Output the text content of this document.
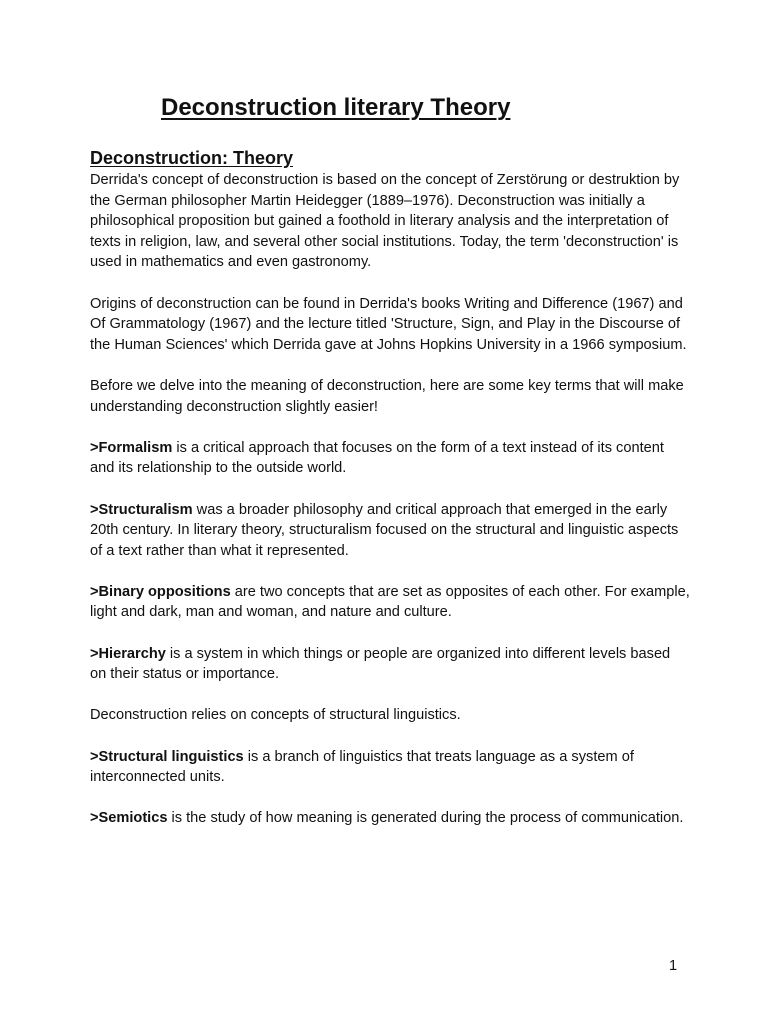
Deconstruction literary Theory
Deconstruction: Theory

Derrida's concept of deconstruction is based on the concept of Zerstörung or destruktion by the German philosopher Martin Heidegger (1889–1976). Deconstruction was initially a philosophical proposition but gained a foothold in literary analysis and the interpretation of texts in religion, law, and several other social institutions. Today, the term 'deconstruction' is used in mathematics and even gastronomy.

Origins of deconstruction can be found in Derrida's books Writing and Difference (1967) and Of Grammatology (1967) and the lecture titled 'Structure, Sign, and Play in the Discourse of the Human Sciences' which Derrida gave at Johns Hopkins University in a 1966 symposium.

Before we delve into the meaning of deconstruction, here are some key terms that will make understanding deconstruction slightly easier!

>Formalism is a critical approach that focuses on the form of a text instead of its content and its relationship to the outside world.

>Structuralism was a broader philosophy and critical approach that emerged in the early 20th century. In literary theory, structuralism focused on the structural and linguistic aspects of a text rather than what it represented.

>Binary oppositions are two concepts that are set as opposites of each other. For example, light and dark, man and woman, and nature and culture.

>Hierarchy is a system in which things or people are organized into different levels based on their status or importance.

Deconstruction relies on concepts of structural linguistics.

>Structural linguistics is a branch of linguistics that treats language as a system of interconnected units.

>Semiotics is the study of how meaning is generated during the process of communication.

1
